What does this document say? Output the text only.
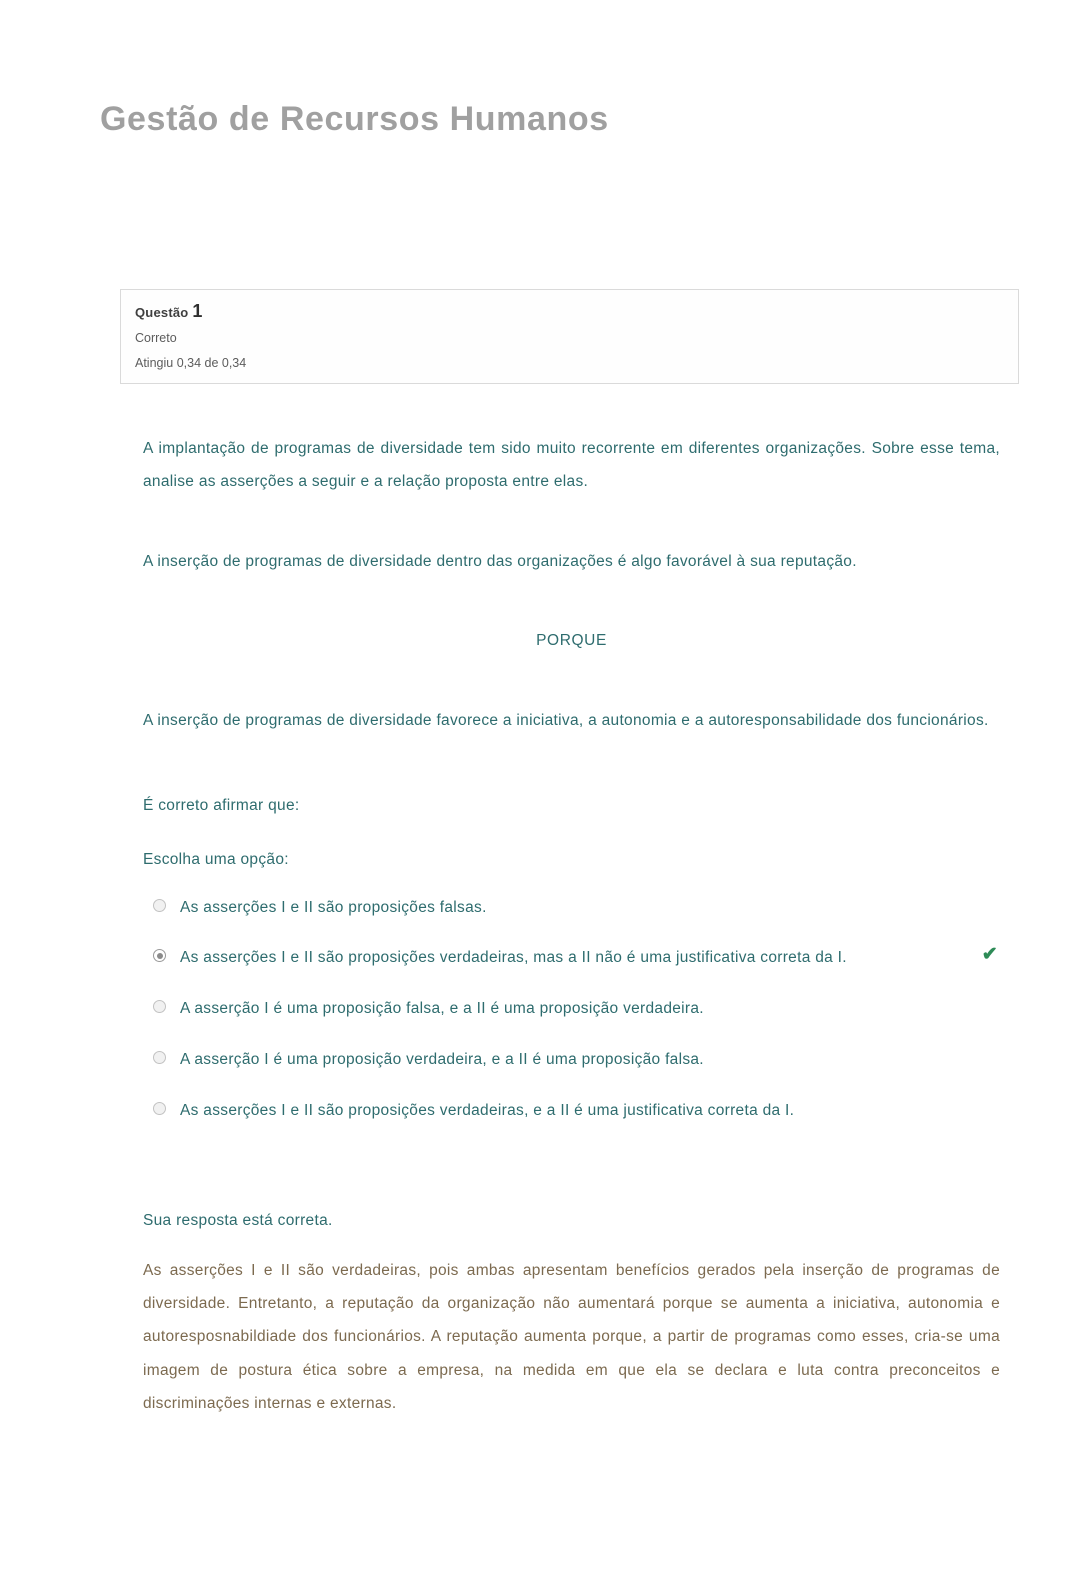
Gestão de Recursos Humanos
Questão 1
Correto
Atingiu 0,34 de 0,34

A implantação de programas de diversidade tem sido muito recorrente em diferentes organizações. Sobre esse tema, analise as asserções a seguir e a relação proposta entre elas.

A inserção de programas de diversidade dentro das organizações é algo favorável à sua reputação.

PORQUE

A inserção de programas de diversidade favorece a iniciativa, a autonomia e a autoresponsabilidade dos funcionários.

É correto afirmar que:

Escolha uma opção:
As asserções I e II são proposições falsas.
As asserções I e II são proposições verdadeiras, mas a II não é uma justificativa correta da I.	✔
A asserção I é uma proposição falsa, e a II é uma proposição verdadeira.
A asserção I é uma proposição verdadeira, e a II é uma proposição falsa.
As asserções I e II são proposições verdadeiras, e a II é uma justificativa correta da I.
Sua resposta está correta.
As asserções I e II são verdadeiras, pois ambas apresentam benefícios gerados pela inserção de programas de diversidade. Entretanto, a reputação da organização não aumentará porque se aumenta a iniciativa, autonomia e autoresposnabildiade dos funcionários. A reputação aumenta porque, a partir de programas como esses, cria-se uma imagem de postura ética sobre a empresa, na medida em que ela se declara e luta contra preconceitos e discriminações internas e externas.
